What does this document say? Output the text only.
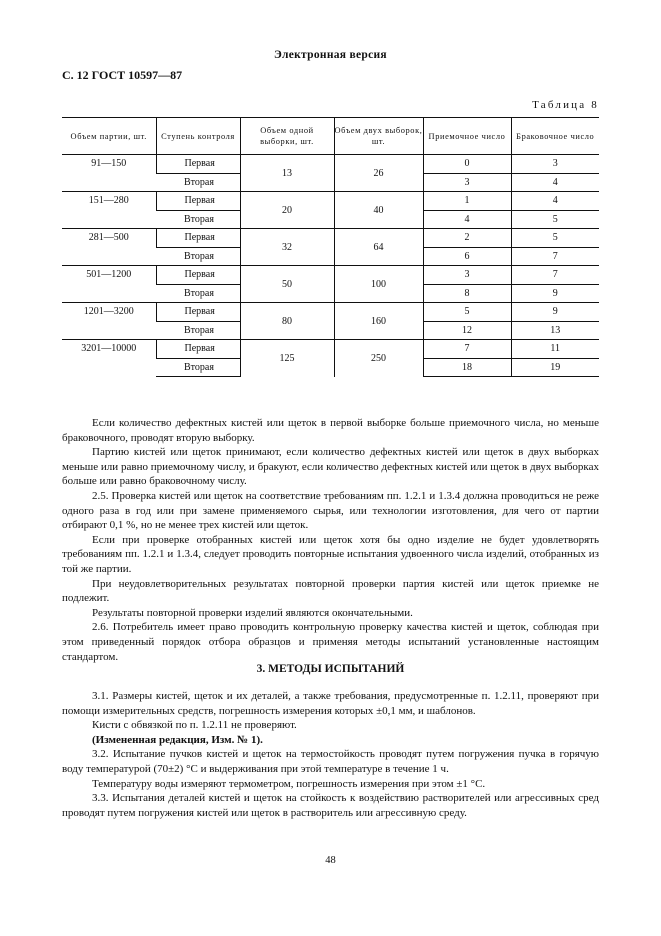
Электронная версия
С. 12 ГОСТ 10597—87
Таблица 8
Объем партии, шт.	Ступень контроля	Объем одной выборки, шт.	Объем двух выборок, шт.	Приемочное число	Браковочное число
91—150	Первая	13	26	0	3
	Вторая			3	4
151—280	Первая	20	40	1	4
	Вторая			4	5
281—500	Первая	32	64	2	5
	Вторая			6	7
501—1200	Первая	50	100	3	7
	Вторая			8	9
1201—3200	Первая	80	160	5	9
	Вторая			12	13
3201—10000	Первая	125	250	7	11
	Вторая			18	19

Если количество дефектных кистей или щеток в первой выборке больше приемочного числа, но меньше браковочного, проводят вторую выборку.

Партию кистей или щеток принимают, если количество дефектных кистей или щеток в двух выборках меньше или равно приемочному числу, и бракуют, если количество дефектных кистей или щеток в двух выборках больше или равно браковочному числу.

2.5. Проверка кистей или щеток на соответствие требованиям пп. 1.2.1 и 1.3.4 должна проводиться не реже одного раза в год или при замене применяемого сырья, или технологии изготовления, для чего от партии отбирают 0,1 %, но не менее трех кистей или щеток.

Если при проверке отобранных кистей или щеток хотя бы одно изделие не будет удовлетворять требованиям пп. 1.2.1 и 1.3.4, следует проводить повторные испытания удвоенного числа изделий, отобранных из той же партии.

При неудовлетворительных результатах повторной проверки партия кистей или щеток приемке не подлежит.

Результаты повторной проверки изделий являются окончательными.

2.6. Потребитель имеет право проводить контрольную проверку качества кистей и щеток, соблюдая при этом приведенный порядок отбора образцов и применяя методы испытаний установленные настоящим стандартом.

3. МЕТОДЫ ИСПЫТАНИЙ

3.1. Размеры кистей, щеток и их деталей, а также требования, предусмотренные п. 1.2.11, проверяют при помощи измерительных средств, погрешность измерения которых ±0,1 мм, и шаблонов.

Кисти с обвязкой по п. 1.2.11 не проверяют.

(Измененная редакция, Изм. № 1).

3.2. Испытание пучков кистей и щеток на термостойкость проводят путем погружения пучка в горячую воду температурой (70±2) °С и выдерживания при этой температуре в течение 1 ч.

Температуру воды измеряют термометром, погрешность измерения при этом ±1 °С.

3.3. Испытания деталей кистей и щеток на стойкость к воздействию растворителей или агрессивных сред проводят путем погружения кистей или щеток в растворитель или агрессивную среду.

48
